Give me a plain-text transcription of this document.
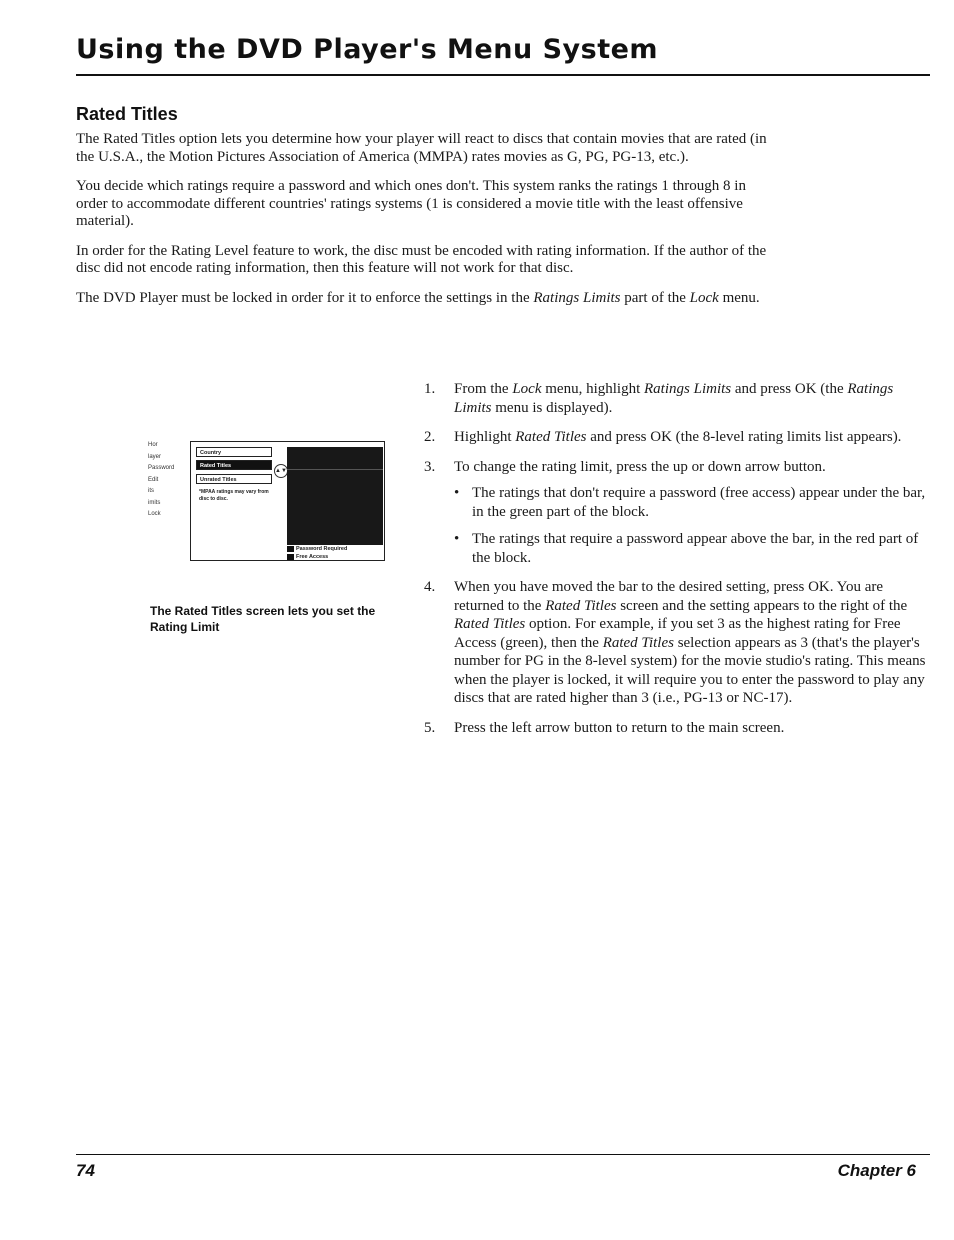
Using the DVD Player's Menu System
Rated Titles

The Rated Titles option lets you determine how your player will react to discs that contain movies that are rated (in the U.S.A., the Motion Pictures Association of America (MMPA) rates movies as G, PG, PG-13, etc.).

You decide which ratings require a password and which ones don't. This system ranks the ratings 1 through 8 in order to accommodate different countries' ratings systems (1 is considered a movie title with the least offensive material).

In order for the Rating Level feature to work, the disc must be encoded with rating information. If the author of the disc did not encode rating information, then this feature will not work for that disc.

The DVD Player must be locked in order for it to enforce the settings in the Ratings Limits part of the Lock menu.

Hor
layer
Password
Edit
its
imits
Lock
Country
Rated Titles
Unrated Titles
*MPAA ratings may vary from disc to disc.
▲▼
Password Required
Free Access

The Rated Titles screen lets you set the Rating Limit

1. From the Lock menu, highlight Ratings Limits and press OK (the Ratings Limits menu is displayed).
2. Highlight Rated Titles and press OK (the 8-level rating limits list appears).
3. To change the rating limit, press the up or down arrow button.
• The ratings that don't require a password (free access) appear under the bar, in the green part of the block.
• The ratings that require a password appear above the bar, in the red part of the block.
4. When you have moved the bar to the desired setting, press OK. You are returned to the Rated Titles screen and the setting appears to the right of the Rated Titles option. For example, if you set 3 as the highest rating for Free Access (green), then the Rated Titles selection appears as 3 (that's the player's number for PG in the 8-level system) for the movie studio's rating. This means when the player is locked, it will require you to enter the password to play any discs that are rated higher than 3 (i.e., PG-13 or NC-17).
5. Press the left arrow button to return to the main screen.

74	Chapter 6
